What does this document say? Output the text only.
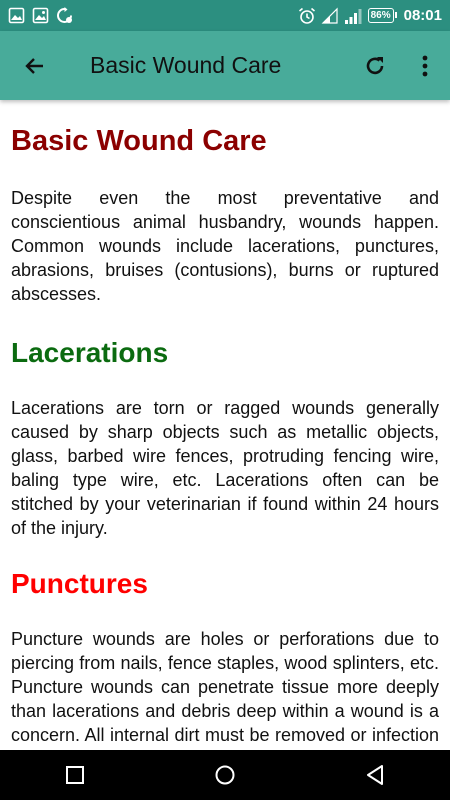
86% 08:01
Basic Wound Care
Basic Wound Care

Despite even the most preventative and conscientious animal husbandry, wounds happen. Common wounds include lacerations, punctures, abrasions, bruises (contusions), burns or ruptured abscesses.

Lacerations

Lacerations are torn or ragged wounds generally caused by sharp objects such as metallic objects, glass, barbed wire fences, protruding fencing wire, baling type wire, etc. Lacerations often can be stitched by your veterinarian if found within 24 hours of the injury.

Punctures

Puncture wounds are holes or perforations due to piercing from nails, fence staples, wood splinters, etc. Puncture wounds can penetrate tissue more deeply than lacerations and debris deep within a wound is a concern. All internal dirt must be removed or infection
